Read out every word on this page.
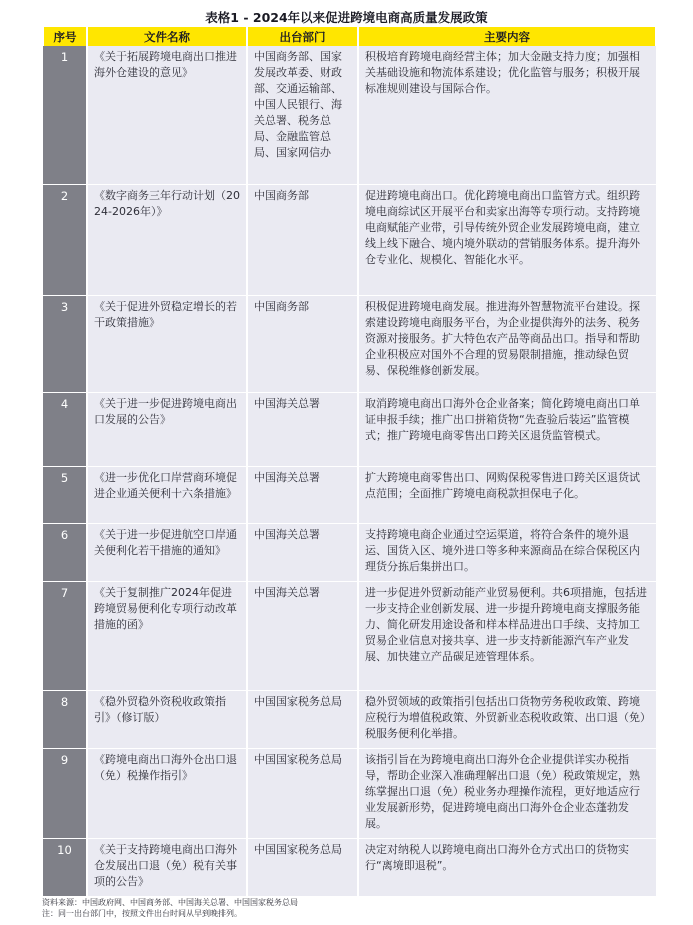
表格1 - 2024年以来促进跨境电商高质量发展政策
序号	文件名称	出台部门	主要内容
1	《关于拓展跨境电商出口推进海外仓建设的意见》	中国商务部、国家发展改革委、财政部、交通运输部、中国人民银行、海关总署、税务总局、金融监管总局、国家网信办	积极培育跨境电商经营主体；加大金融支持力度；加强相关基础设施和物流体系建设；优化监管与服务；积极开展标准规则建设与国际合作。
2	《数字商务三年行动计划（2024-2026年）》	中国商务部	促进跨境电商出口。优化跨境电商出口监管方式。组织跨境电商综试区开展平台和卖家出海等专项行动。支持跨境电商赋能产业带，引导传统外贸企业发展跨境电商，建立线上线下融合、境内境外联动的营销服务体系。提升海外仓专业化、规模化、智能化水平。
3	《关于促进外贸稳定增长的若干政策措施》	中国商务部	积极促进跨境电商发展。推进海外智慧物流平台建设。探索建设跨境电商服务平台，为企业提供海外的法务、税务资源对接服务。扩大特色农产品等商品出口。指导和帮助企业积极应对国外不合理的贸易限制措施，推动绿色贸易、保税维修创新发展。
4	《关于进一步促进跨境电商出口发展的公告》	中国海关总署	取消跨境电商出口海外仓企业备案；简化跨境电商出口单证申报手续；推广出口拼箱货物“先查验后装运”监管模式；推广跨境电商零售出口跨关区退货监管模式。
5	《进一步优化口岸营商环境促进企业通关便利十六条措施》	中国海关总署	扩大跨境电商零售出口、网购保税零售进口跨关区退货试点范围；全面推广跨境电商税款担保电子化。
6	《关于进一步促进航空口岸通关便利化若干措施的通知》	中国海关总署	支持跨境电商企业通过空运渠道，将符合条件的境外退运、国货入区、境外进口等多种来源商品在综合保税区内理货分拣后集拼出口。
7	《关于复制推广2024年促进跨境贸易便利化专项行动改革措施的函》	中国海关总署	进一步促进外贸新动能产业贸易便利。共6项措施，包括进一步支持企业创新发展、进一步提升跨境电商支撑服务能力、简化研发用途设备和样本样品进出口手续、支持加工贸易企业信息对接共享、进一步支持新能源汽车产业发展、加快建立产品碳足迹管理体系。
8	《稳外贸稳外资税收政策指引》（修订版）	中国国家税务总局	稳外贸领域的政策指引包括出口货物劳务税收政策、跨境应税行为增值税政策、外贸新业态税收政策、出口退（免）税服务便利化举措。
9	《跨境电商出口海外仓出口退（免）税操作指引》	中国国家税务总局	该指引旨在为跨境电商出口海外仓企业提供详实办税指导，帮助企业深入准确理解出口退（免）税政策规定，熟练掌握出口退（免）税业务办理操作流程，更好地适应行业发展新形势，促进跨境电商出口海外仓企业态蓬勃发展。
10	《关于支持跨境电商出口海外仓发展出口退（免）税有关事项的公告》	中国国家税务总局	决定对纳税人以跨境电商出口海外仓方式出口的货物实行“离境即退税”。
资料来源：中国政府网、中国商务部、中国海关总署、中国国家税务总局
注：同一出台部门中，按照文件出台时间从早到晚排列。
